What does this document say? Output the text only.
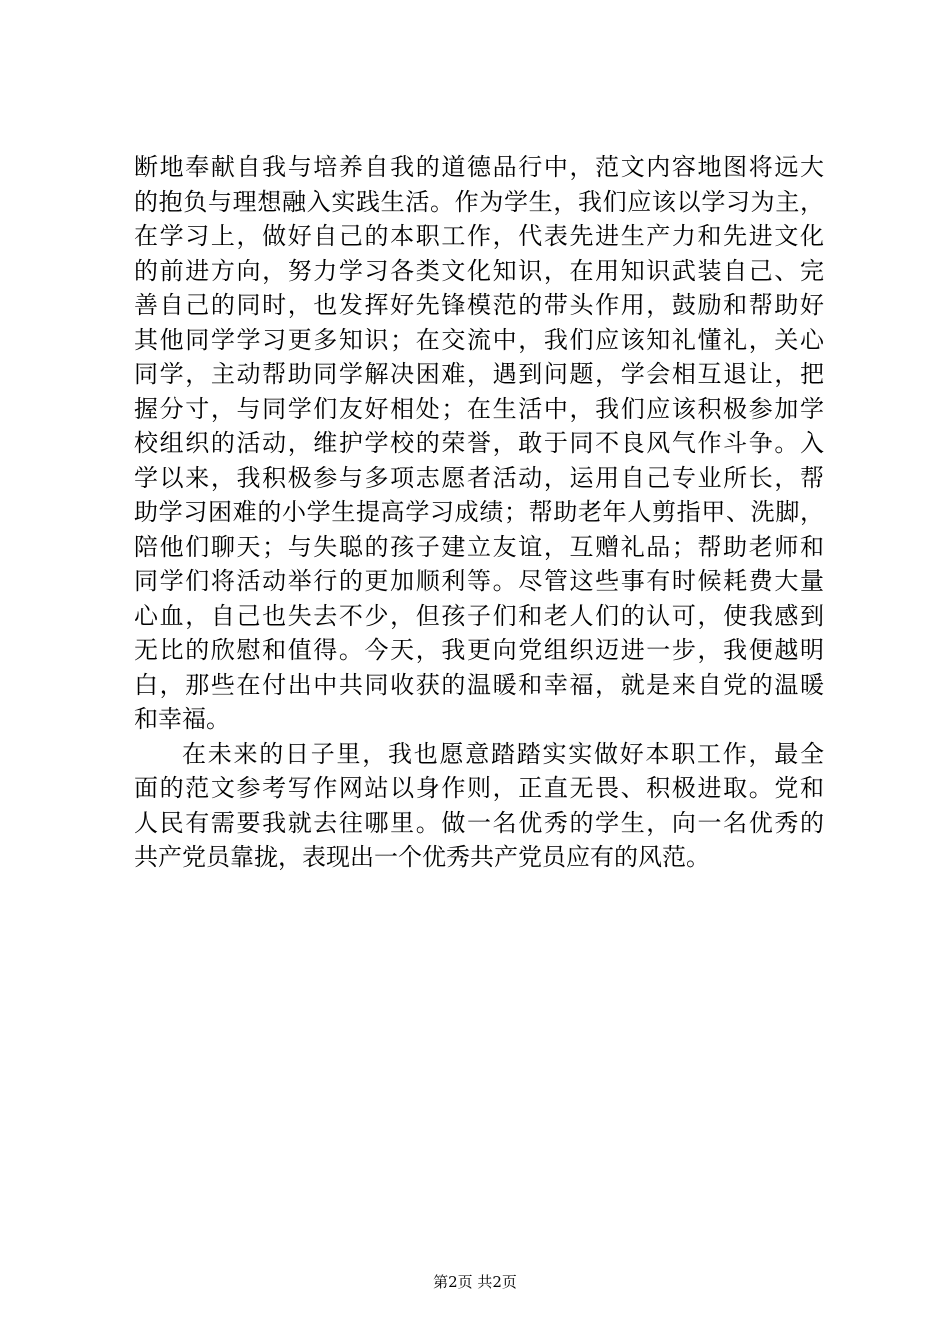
断地奉献自我与培养自我的道德品行中，范文内容地图将远大
的抱负与理想融入实践生活。作为学生，我们应该以学习为主，
在学习上，做好自己的本职工作，代表先进生产力和先进文化
的前进方向，努力学习各类文化知识，在用知识武装自己、完
善自己的同时，也发挥好先锋模范的带头作用，鼓励和帮助好
其他同学学习更多知识；在交流中，我们应该知礼懂礼，关心
同学，主动帮助同学解决困难，遇到问题，学会相互退让，把
握分寸，与同学们友好相处；在生活中，我们应该积极参加学
校组织的活动，维护学校的荣誉，敢于同不良风气作斗争。入
学以来，我积极参与多项志愿者活动，运用自己专业所长，帮
助学习困难的小学生提高学习成绩；帮助老年人剪指甲、洗脚，
陪他们聊天；与失聪的孩子建立友谊，互赠礼品；帮助老师和
同学们将活动举行的更加顺利等。尽管这些事有时候耗费大量
心血，自己也失去不少，但孩子们和老人们的认可，使我感到
无比的欣慰和值得。今天，我更向党组织迈进一步，我便越明
白，那些在付出中共同收获的温暖和幸福，就是来自党的温暖
和幸福。
在未来的日子里，我也愿意踏踏实实做好本职工作，最全
面的范文参考写作网站以身作则，正直无畏、积极进取。党和
人民有需要我就去往哪里。做一名优秀的学生，向一名优秀的
共产党员靠拢，表现出一个优秀共产党员应有的风范。
第2页 共2页
